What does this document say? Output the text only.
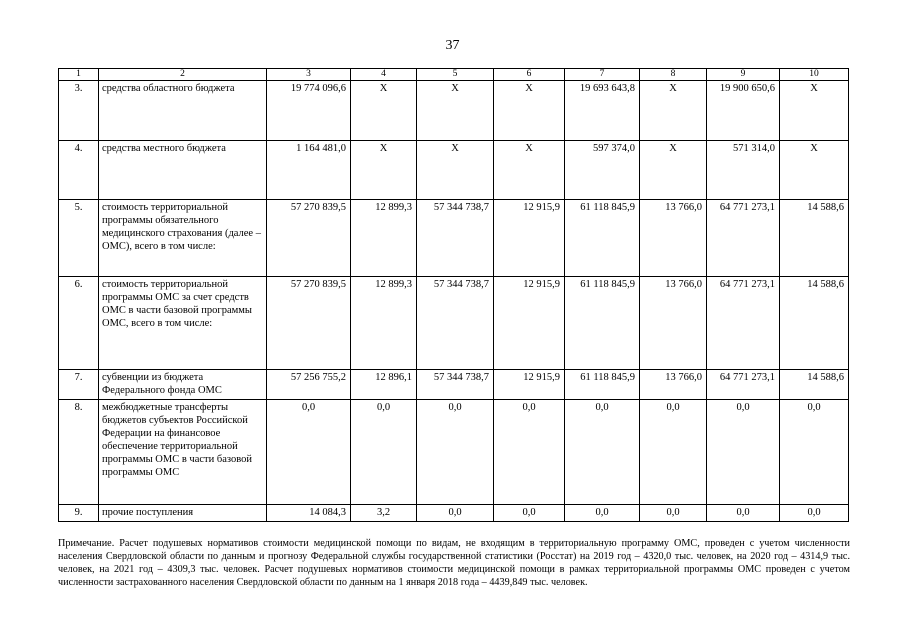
37
1	2	3	4	5	6	7	8	9	10
3.	средства областного бюджета	19 774 096,6	X	X	X	19 693 643,8	X	19 900 650,6	X
4.	средства местного бюджета	1 164 481,0	X	X	X	597 374,0	X	571 314,0	X
5.	стоимость территориальной программы обязательного медицинского страхования (далее – ОМС), всего в том числе:	57 270 839,5	12 899,3	57 344 738,7	12 915,9	61 118 845,9	13 766,0	64 771 273,1	14 588,6
6.	стоимость территориальной программы ОМС за счет средств ОМС в части базовой программы ОМС, всего в том числе:	57 270 839,5	12 899,3	57 344 738,7	12 915,9	61 118 845,9	13 766,0	64 771 273,1	14 588,6
7.	субвенции из бюджета Федерального фонда ОМС	57 256 755,2	12 896,1	57 344 738,7	12 915,9	61 118 845,9	13 766,0	64 771 273,1	14 588,6
8.	межбюджетные трансферты бюджетов субъектов Российской Федерации на финансовое обеспечение территориальной программы ОМС в части базовой программы ОМС	0,0	0,0	0,0	0,0	0,0	0,0	0,0	0,0
9.	прочие поступления	14 084,3	3,2	0,0	0,0	0,0	0,0	0,0	0,0
Примечание. Расчет подушевых нормативов стоимости медицинской помощи по видам, не входящим в территориальную программу ОМС, проведен с учетом численности населения Свердловской области по данным и прогнозу Федеральной службы государственной статистики (Росстат) на 2019 год – 4320,0 тыс. человек, на 2020 год – 4314,9 тыс. человек, на 2021 год – 4309,3 тыс. человек. Расчет подушевых нормативов стоимости медицинской помощи в рамках территориальной программы ОМС проведен с учетом численности застрахованного населения Свердловской области по данным на 1 января 2018 года – 4439,849 тыс. человек.
